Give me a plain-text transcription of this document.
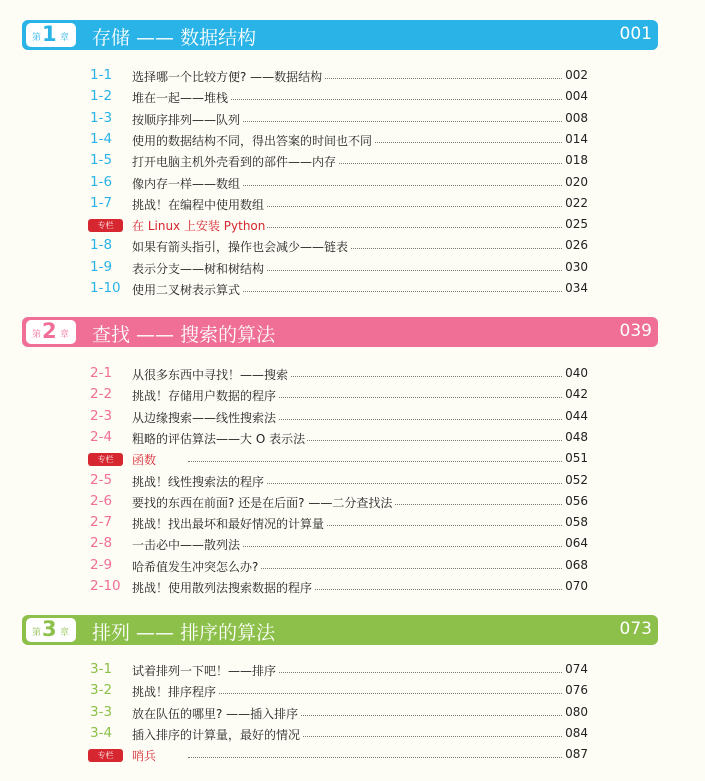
第 1 章 存储 —— 数据结构	001
1-1 选择哪一个比较方便? ——数据结构	002
1-2 堆在一起——堆栈	004
1-3 按顺序排列——队列	008
1-4 使用的数据结构不同，得出答案的时间也不同	014
1-5 打开电脑主机外壳看到的部件——内存	018
1-6 像内存一样——数组	020
1-7 挑战！在编程中使用数组	022
专栏	在 Linux 上安装 Python	025
1-8 如果有箭头指引，操作也会减少——链表	026
1-9 表示分支——树和树结构	030
1-10 使用二叉树表示算式	034
第 2 章 查找 —— 搜索的算法	039
2-1 从很多东西中寻找！——搜索	040
2-2 挑战！存储用户数据的程序	042
2-3 从边缘搜索——线性搜索法	044
2-4 粗略的评估算法——大 O 表示法	048
专栏	函数	051
2-5 挑战！线性搜索法的程序	052
2-6 要找的东西在前面? 还是在后面? ——二分查找法	056
2-7 挑战！找出最坏和最好情况的计算量	058
2-8 一击必中——散列法	064
2-9 哈希值发生冲突怎么办?	068
2-10 挑战！使用散列法搜索数据的程序	070
第 3 章 排列 —— 排序的算法	073
3-1 试着排列一下吧！——排序	074
3-2 挑战！排序程序	076
3-3 放在队伍的哪里? ——插入排序	080
3-4 插入排序的计算量，最好的情况	084
专栏	哨兵	087
